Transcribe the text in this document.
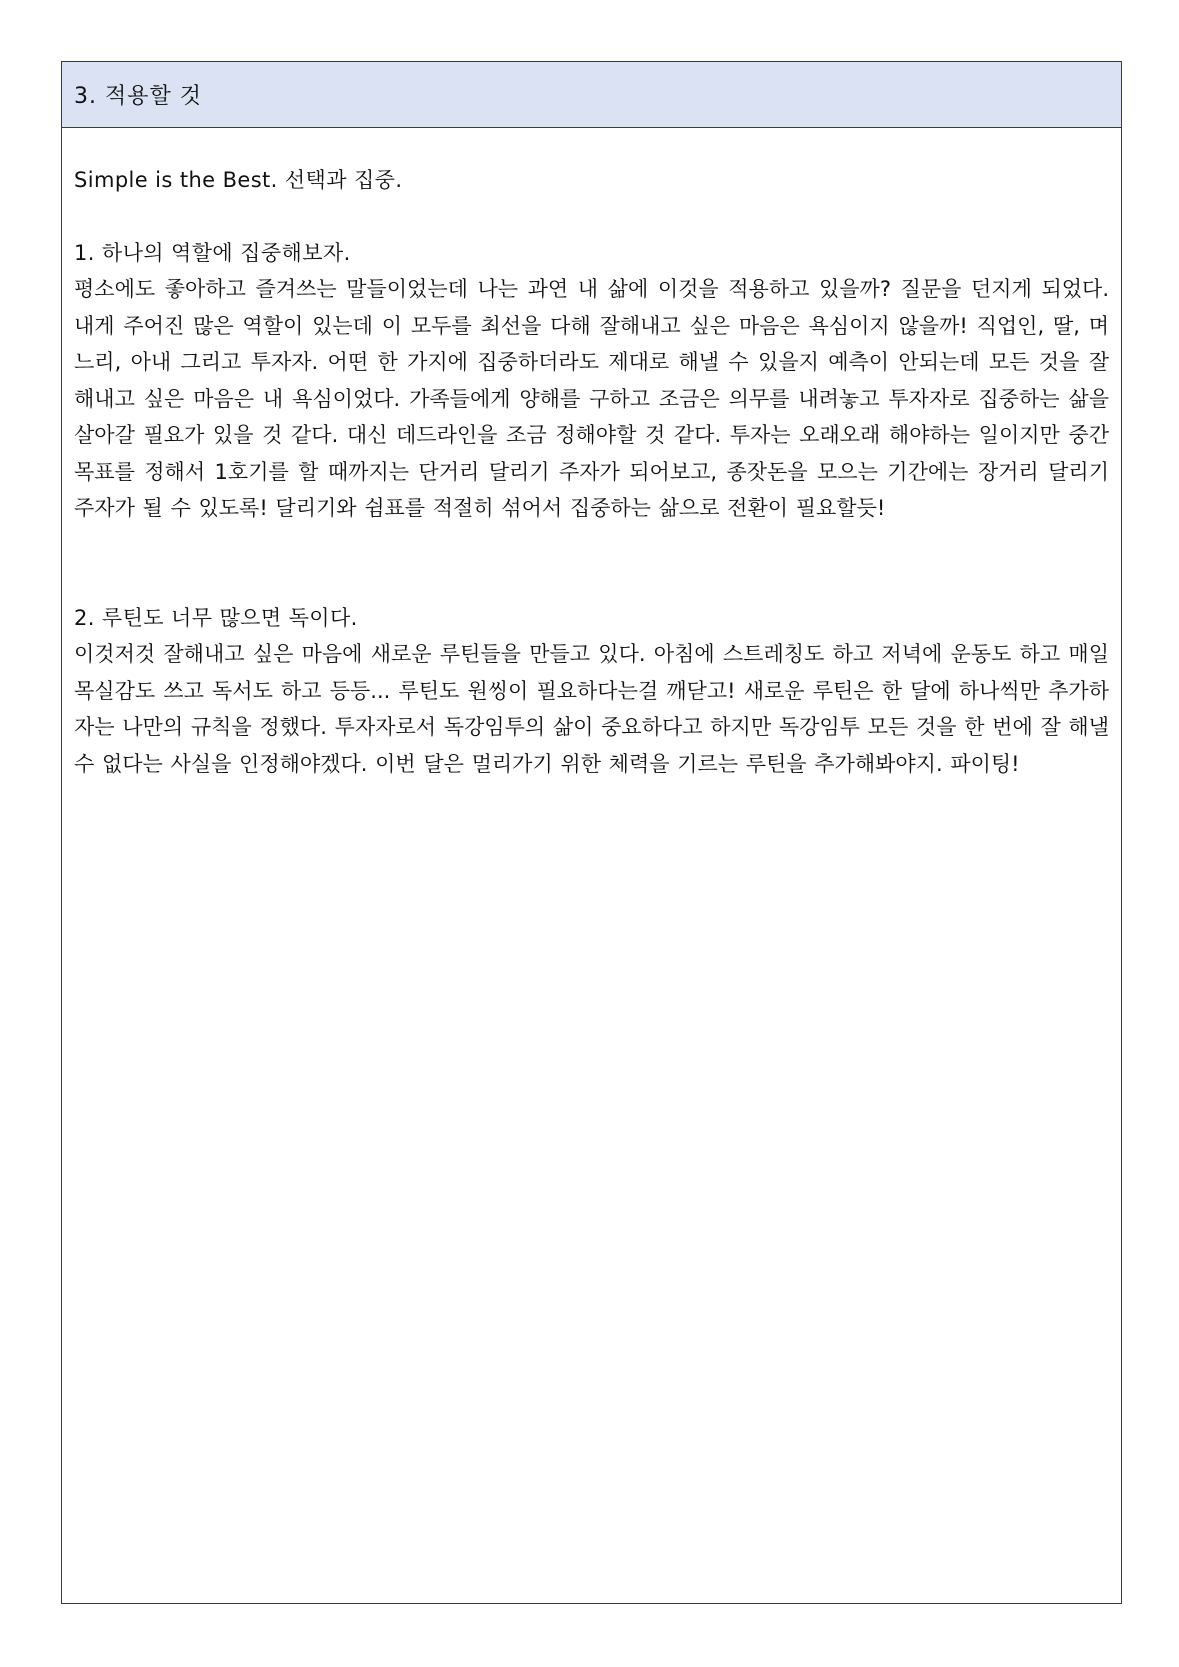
3. 적용할 것

Simple is the Best. 선택과 집중.

1. 하나의 역할에 집중해보자.

평소에도 좋아하고 즐겨쓰는 말들이었는데 나는 과연 내 삶에 이것을 적용하고 있을까? 질문을 던지게 되었다. 내게 주어진 많은 역할이 있는데 이 모두를 최선을 다해 잘해내고 싶은 마음은 욕심이지 않을까! 직업인, 딸, 며느리, 아내 그리고 투자자. 어떤 한 가지에 집중하더라도 제대로 해낼 수 있을지 예측이 안되는데 모든 것을 잘 해내고 싶은 마음은 내 욕심이었다. 가족들에게 양해를 구하고 조금은 의무를 내려놓고 투자자로 집중하는 삶을 살아갈 필요가 있을 것 같다. 대신 데드라인을 조금 정해야할 것 같다. 투자는 오래오래 해야하는 일이지만 중간 목표를 정해서 1호기를 할 때까지는 단거리 달리기 주자가 되어보고, 종잣돈을 모으는 기간에는 장거리 달리기 주자가 될 수 있도록! 달리기와 쉼표를 적절히 섞어서 집중하는 삶으로 전환이 필요할듯!

2. 루틴도 너무 많으면 독이다.

이것저것 잘해내고 싶은 마음에 새로운 루틴들을 만들고 있다. 아침에 스트레칭도 하고 저녁에 운동도 하고 매일 목실감도 쓰고 독서도 하고 등등... 루틴도 원씽이 필요하다는걸 깨닫고! 새로운 루틴은 한 달에 하나씩만 추가하자는 나만의 규칙을 정했다. 투자자로서 독강임투의 삶이 중요하다고 하지만 독강임투 모든 것을 한 번에 잘 해낼 수 없다는 사실을 인정해야겠다. 이번 달은 멀리가기 위한 체력을 기르는 루틴을 추가해봐야지. 파이팅!
